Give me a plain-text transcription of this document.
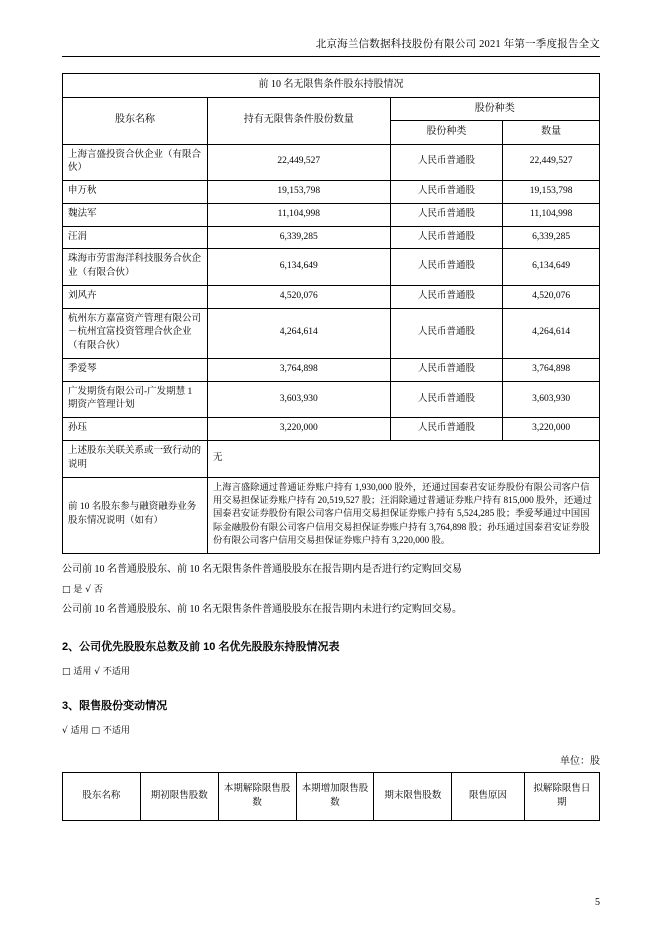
北京海兰信数据科技股份有限公司 2021 年第一季度报告全文
前 10 名无限售条件股东持股情况			
股东名称	持有无限售条件股份数量	股份种类	
		股份种类	数量
上海言盛投资合伙企业（有限合伙）	22,449,527	人民币普通股	22,449,527
申万秋	19,153,798	人民币普通股	19,153,798
魏法军	11,104,998	人民币普通股	11,104,998
汪涓	6,339,285	人民币普通股	6,339,285
珠海市劳雷海洋科技服务合伙企业（有限合伙）	6,134,649	人民币普通股	6,134,649
刘风卉	4,520,076	人民币普通股	4,520,076
杭州东方嘉富资产管理有限公司－杭州宜富投资管理合伙企业（有限合伙）	4,264,614	人民币普通股	4,264,614
季爱琴	3,764,898	人民币普通股	3,764,898
广发期货有限公司-广发期慧 1 期资产管理计划	3,603,930	人民币普通股	3,603,930
孙珏	3,220,000	人民币普通股	3,220,000
上述股东关联关系或一致行动的说明	无		
前 10 名股东参与融资融券业务股东情况说明（如有）	上海言盛除通过普通证券账户持有 1,930,000 股外，还通过国泰君安证券股份有限公司客户信用交易担保证券账户持有 20,519,527 股；汪涓除通过普通证券账户持有 815,000 股外，还通过国泰君安证券股份有限公司客户信用交易担保证券账户持有 5,524,285 股；季爱琴通过中国国际金融股份有限公司客户信用交易担保证券账户持有 3,764,898 股；孙珏通过国泰君安证券股份有限公司客户信用交易担保证券账户持有 3,220,000 股。		
公司前 10 名普通股股东、前 10 名无限售条件普通股股东在报告期内是否进行约定购回交易
□ 是 √ 否
公司前 10 名普通股股东、前 10 名无限售条件普通股股东在报告期内未进行约定购回交易。
2、公司优先股股东总数及前 10 名优先股股东持股情况表
□ 适用 √ 不适用
3、限售股份变动情况
√ 适用 □ 不适用
单位：股
股东名称	期初限售股数	本期解除限售股数	本期增加限售股数	期末限售股数	限售原因	拟解除限售日期
5
